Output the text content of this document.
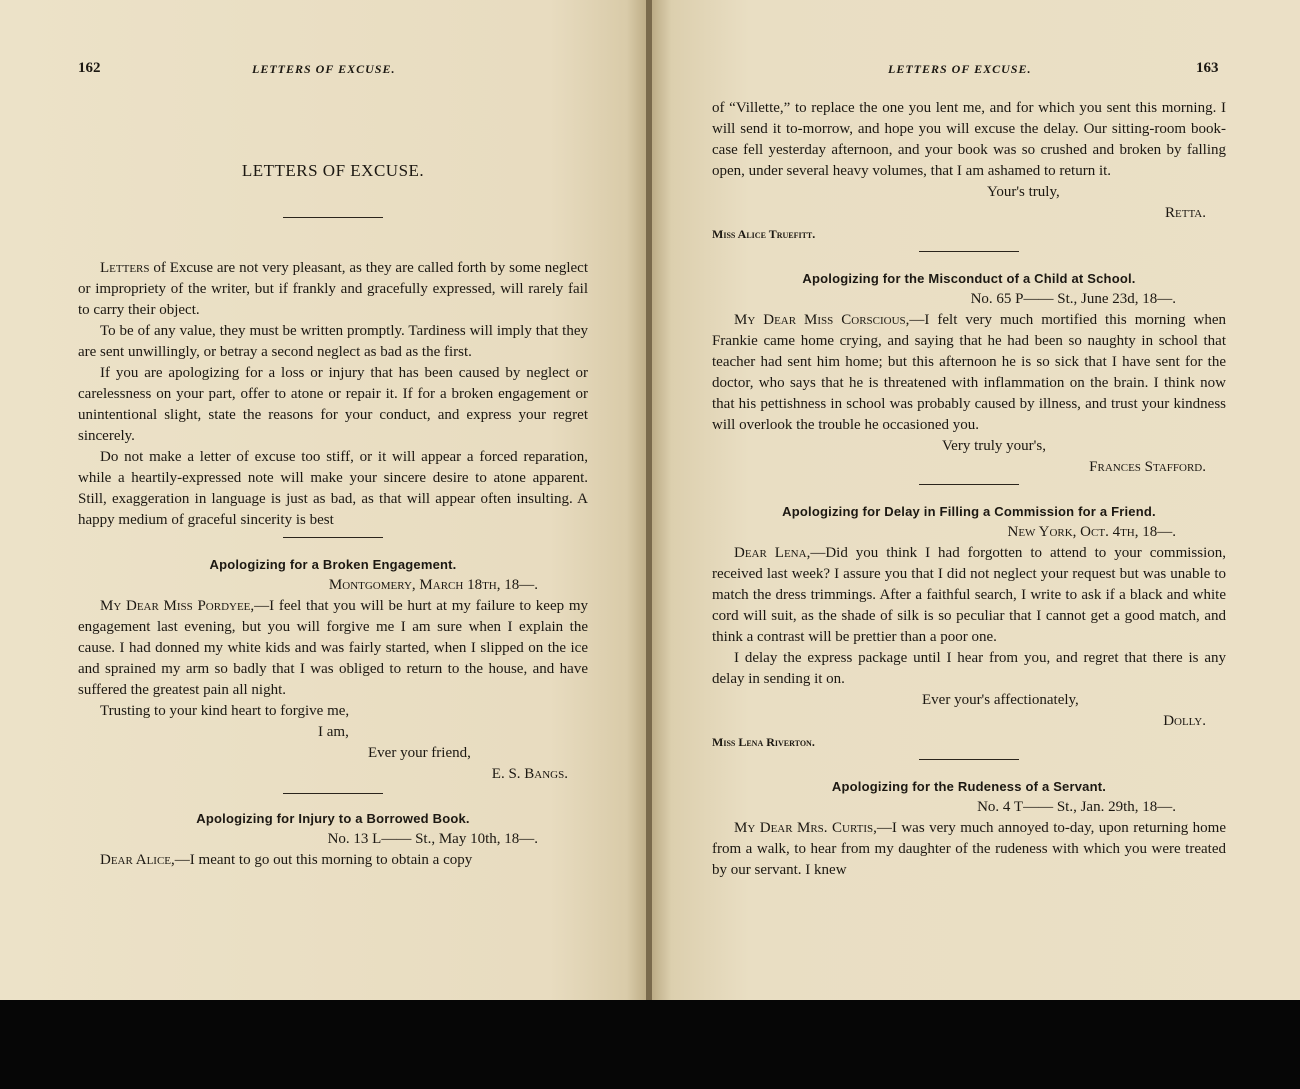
162	LETTERS OF EXCUSE.

LETTERS OF EXCUSE.

Letters of Excuse are not very pleasant, as they are called forth by some neglect or impropriety of the writer, but if frankly and gracefully expressed, will rarely fail to carry their object.

To be of any value, they must be written promptly. Tardiness will imply that they are sent unwillingly, or betray a second neglect as bad as the first.

If you are apologizing for a loss or injury that has been caused by neglect or carelessness on your part, offer to atone or repair it. If for a broken engagement or unintentional slight, state the reasons for your conduct, and express your regret sincerely.

Do not make a letter of excuse too stiff, or it will appear a forced reparation, while a heartily-expressed note will make your sincere desire to atone apparent. Still, exaggeration in language is just as bad, as that will appear often insulting. A happy medium of graceful sincerity is best

Apologizing for a Broken Engagement.

Montgomery, March 18th, 18—.

My Dear Miss Pordyee,—I feel that you will be hurt at my failure to keep my engagement last evening, but you will forgive me I am sure when I explain the cause. I had donned my white kids and was fairly started, when I slipped on the ice and sprained my arm so badly that I was obliged to return to the house, and have suffered the greatest pain all night.

Trusting to your kind heart to forgive me,

I am,

Ever your friend,

E. S. Bangs.

Apologizing for Injury to a Borrowed Book.

No. 13 L—— St., May 10th, 18—.

Dear Alice,—I meant to go out this morning to obtain a copy

LETTERS OF EXCUSE.	163

of “Villette,” to replace the one you lent me, and for which you sent this morning. I will send it to-morrow, and hope you will excuse the delay. Our sitting-room book-case fell yesterday afternoon, and your book was so crushed and broken by falling open, under several heavy volumes, that I am ashamed to return it.

Your's truly,

Retta.

Miss Alice Truefitt.

Apologizing for the Misconduct of a Child at School.

No. 65 P—— St., June 23d, 18—.

My Dear Miss Corscious,—I felt very much mortified this morning when Frankie came home crying, and saying that he had been so naughty in school that teacher had sent him home; but this afternoon he is so sick that I have sent for the doctor, who says that he is threatened with inflammation on the brain. I think now that his pettishness in school was probably caused by illness, and trust your kindness will overlook the trouble he occasioned you.

Very truly your's,

Frances Stafford.

Apologizing for Delay in Filling a Commission for a Friend.

New York, Oct. 4th, 18—.

Dear Lena,—Did you think I had forgotten to attend to your commission, received last week? I assure you that I did not neglect your request but was unable to match the dress trimmings. After a faithful search, I write to ask if a black and white cord will suit, as the shade of silk is so peculiar that I cannot get a good match, and think a contrast will be prettier than a poor one.

I delay the express package until I hear from you, and regret that there is any delay in sending it on.

Ever your's affectionately,

Dolly.

Miss Lena Riverton.

Apologizing for the Rudeness of a Servant.

No. 4 T—— St., Jan. 29th, 18—.

My Dear Mrs. Curtis,—I was very much annoyed to-day, upon returning home from a walk, to hear from my daughter of the rudeness with which you were treated by our servant. I knew
